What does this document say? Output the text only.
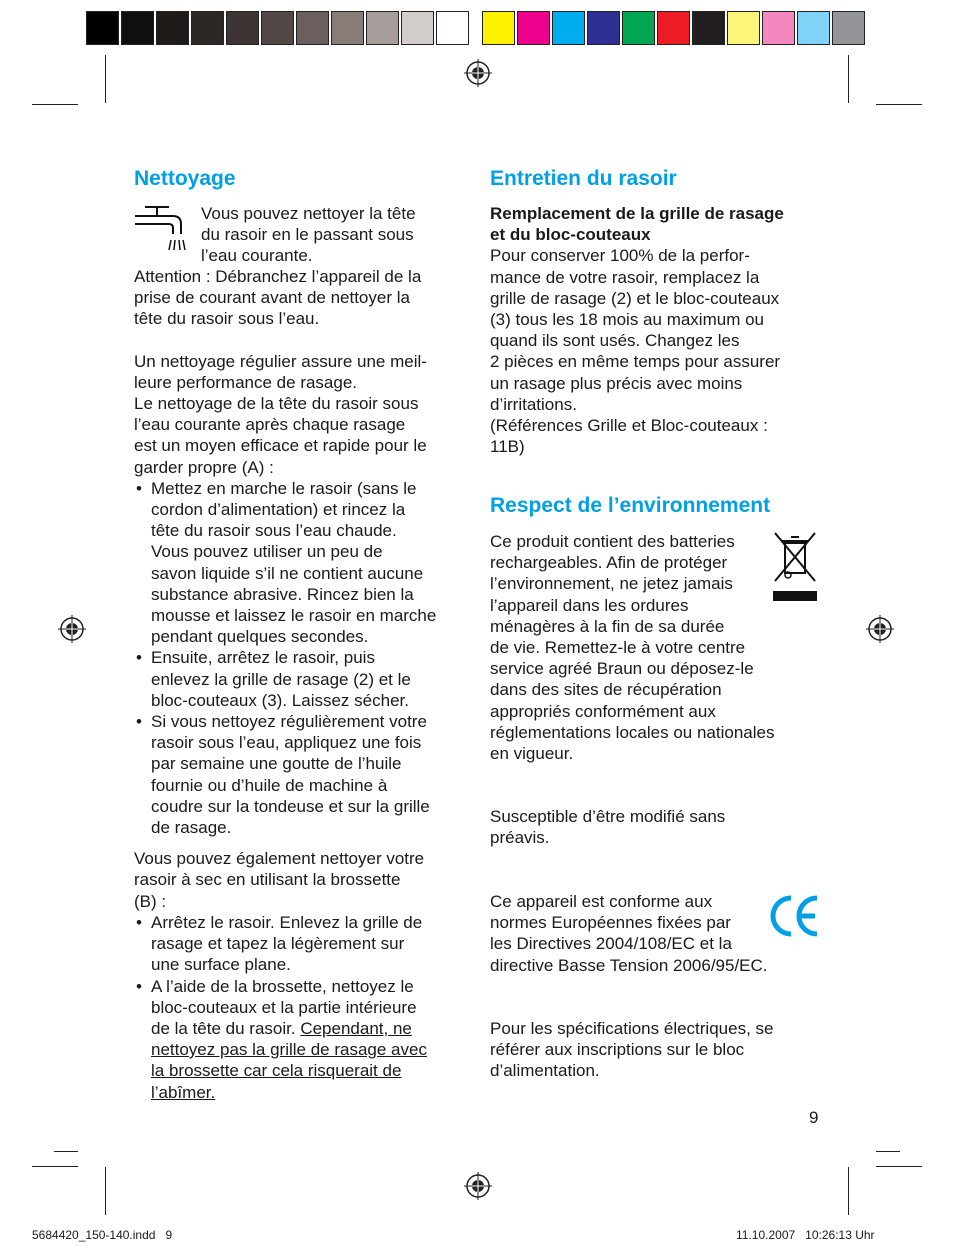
Nettoyage

Vous pouvez nettoyer la tête

du rasoir en le passant sous

l’eau courante.

Attention : Débranchez l’appareil de la

prise de courant avant de nettoyer la

tête du rasoir sous l’eau.

Un nettoyage régulier assure une meil-

leure performance de rasage.

Le nettoyage de la tête du rasoir sous

l’eau courante après chaque rasage

est un moyen efficace et rapide pour le

garder propre (A) :

• Mettez en marche le rasoir (sans le

cordon d’alimentation) et rincez la

tête du rasoir sous l’eau chaude.

Vous pouvez utiliser un peu de

savon liquide s’il ne contient aucune

substance abrasive. Rincez bien la

mousse et laissez le rasoir en marche

pendant quelques secondes.

• Ensuite, arrêtez le rasoir, puis

enlevez la grille de rasage (2) et le

bloc-couteaux (3). Laissez sécher.

• Si vous nettoyez régulièrement votre

rasoir sous l’eau, appliquez une fois

par semaine une goutte de l’huile

fournie ou d’huile de machine à

coudre sur la tondeuse et sur la grille

de rasage.

Vous pouvez également nettoyer votre

rasoir à sec en utilisant la brossette

(B) :

• Arrêtez le rasoir. Enlevez la grille de

rasage et tapez la légèrement sur

une surface plane.

• A l’aide de la brossette, nettoyez le

bloc-couteaux et la partie intérieure

de la tête du rasoir. Cependant, ne

nettoyez pas la grille de rasage avec

la brossette car cela risquerait de

l’abîmer.

Entretien du rasoir

Remplacement de la grille de rasage

et du bloc-couteaux

Pour conserver 100% de la perfor-

mance de votre rasoir, remplacez la

grille de rasage (2) et le bloc-couteaux

(3) tous les 18 mois au maximum ou

quand ils sont usés. Changez les

2 pièces en même temps pour assurer

un rasage plus précis avec moins

d’irritations.

(Références Grille et Bloc-couteaux :

11B)

Respect de l’environnement

Ce produit contient des batteries

rechargeables. Afin de protéger

l’environnement, ne jetez jamais

l’appareil dans les ordures

ménagères à la fin de sa durée

de vie. Remettez-le à votre centre

service agréé Braun ou déposez-le

dans des sites de récupération

appropriés conformément aux

réglementations locales ou nationales

en vigueur.

Susceptible d’être modifié sans

préavis.

Ce appareil est conforme aux

normes Européennes fixées par

les Directives 2004/108/EC et la

directive Basse Tension 2006/95/EC.

Pour les spécifications électriques, se

référer aux inscriptions sur le bloc

d’alimentation.

9
5684420_150-140.indd   9	11.10.2007   10:26:13 Uhr
